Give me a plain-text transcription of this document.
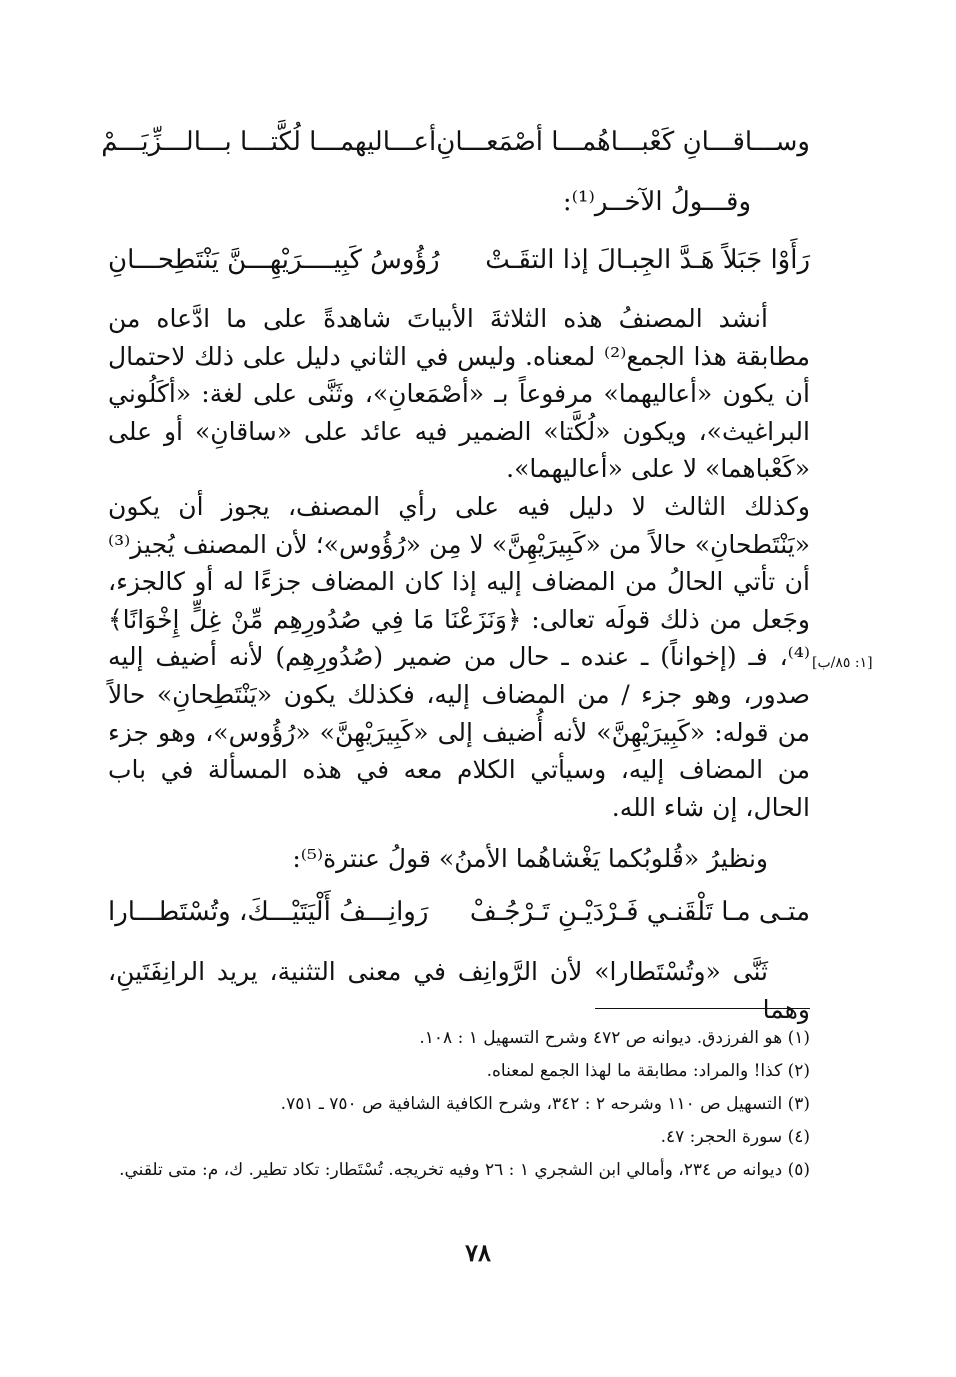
وســـاقـــانِ كَعْبـــاهُمـــا أصْمَعـــانِ
أعـــاليهمـــا لُكَّتـــا بـــالـــزِّيَـــمْ
وقـــولُ الآخــر⁽¹⁾:
رَأَوْا جَبَلاً هَـدَّ الجِبـالَ إذا التقَـتْ
رُؤُوسُ كَبِيــــرَيْهِـــنَّ يَنْتَطِحـــانِ

أنشد المصنفُ هذه الثلاثةَ الأبياتَ شاهدةً على ما ادَّعاه من مطابقة هذا الجمع⁽²⁾ لمعناه. وليس في الثاني دليل على ذلك لاحتمال أن يكون «أعاليهما» مرفوعاً بـ «أصْمَعانِ»، وثَنَّى على لغة: «أكَلُوني البراغيث»، ويكون «لُكَّتا» الضمير فيه عائد على «ساقانِ» أو على «كَعْباهما» لا على «أعاليهما».

وكذلك الثالث لا دليل فيه على رأي المصنف، يجوز أن يكون «يَنْتَطحانِ» حالاً من «كَبِيرَيْهِنَّ» لا مِن «رُؤُوس»؛ لأن المصنف يُجيز⁽³⁾ أن تأتي الحالُ من المضاف إليه إذا كان المضاف جزءًا له أو كالجزء، وجَعل من ذلك قولَه تعالى: ﴿وَنَزَعْنَا مَا فِي صُدُورِهِم مِّنْ غِلٍّ إِخْوَانًا﴾⁽⁴⁾، فـ (إخواناً) ـ عنده ـ حال من ضمير (صُدُورِهِم) لأنه أضيف إليه صدور، وهو جزء / من المضاف إليه، فكذلك يكون «يَنْتَطِحانِ» حالاً من قوله: «كَبِيرَيْهِنَّ» لأنه أُضيف إلى «كَبِيرَيْهِنَّ» «رُؤُوس»، وهو جزء من المضاف إليه، وسيأتي الكلام معه في هذه المسألة في باب الحال، إن شاء الله.

[١: ٨٥/ب]

ونظيرُ «قُلوبُكما يَغْشاهُما الأمنُ» قولُ عنترة⁽⁵⁾:

متـى مـا تَلْقَنـي فَـرْدَيْـنِ تَـرْجُـفْ
رَوانِـــفُ أَلْيَتَيْـــكَ، وتُسْتَطـــارا

ثَنَّى «وتُسْتَطارا» لأن الرَّوانِف في معنى التثنية، يريد الرانِفَتَينِ، وهما

(١) هو الفرزدق. ديوانه ص ٤٧٢ وشرح التسهيل ١ : ١٠٨.
(٢) كذا! والمراد: مطابقة ما لهذا الجمع لمعناه.
(٣) التسهيل ص ١١٠ وشرحه ٢ : ٣٤٢، وشرح الكافية الشافية ص ٧٥٠ ـ ٧٥١.
(٤) سورة الحجر: ٤٧.
(٥) ديوانه ص ٢٣٤، وأمالي ابن الشجري ١ : ٢٦ وفيه تخريجه. تُسْتَطار: تكاد تطير. ك، م: متى تلقني.
٧٨
